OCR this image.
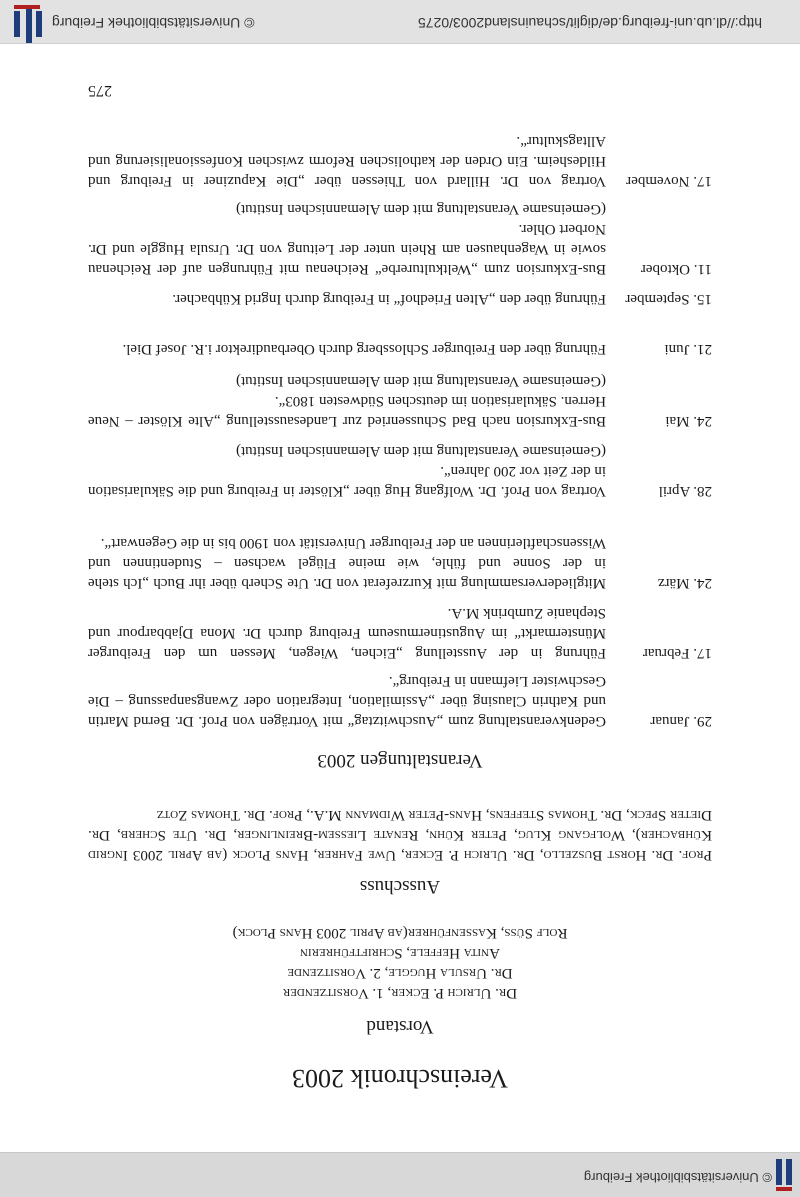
© Universitätsbibliothek Freiburg
http://dl.ub.uni-freiburg.de/diglit/schauinsland2003/0275
© Universitätsbibliothek Freiburg
Vereinschronik 2003
Vorstand
Dr. Ulrich P. Ecker, 1. Vorsitzender
Dr. Ursula Huggle, 2. Vorsitzende
Anita Heffele, Schriftführerin
Rolf Süss, Kassenführer(ab April 2003 Hans Plock)
Ausschuss
Prof. Dr. Horst Buszello, Dr. Ulrich P. Ecker, Uwe Fahrer, Hans Plock (ab April 2003 Ingrid Kühbacher), Wolfgang Klug, Peter Kühn, Renate Liessem-Breinlinger, Dr. Ute Scherb, Dr. Dieter Speck, Dr. Thomas Steffens, Hans-Peter Widmann M.A., Prof. Dr. Thomas Zotz
Veranstaltungen 2003
29. Januar
Gedenkveranstaltung zum „Auschwitztag“ mit Vorträgen von Prof. Dr. Bernd Martin und Kathrin Clausing über „Assimilation, Integration oder Zwangsanpassung – Die Geschwister Liefmann in Freiburg“.
17. Februar
Führung in der Ausstellung „Eichen, Wiegen, Messen um den Freiburger Münstermarkt“ im Augustinermuseum Freiburg durch Dr. Mona Djabbarpour und Stephanie Zumbrink M.A.
24. März
Mitgliederversammlung mit Kurzreferat von Dr. Ute Scherb über ihr Buch „Ich stehe in der Sonne und fühle, wie meine Flügel wachsen – Studentinnen und Wissenschaftlerinnen an der Freiburger Universität von 1900 bis in die Gegenwart“.
28. April
Vortrag von Prof. Dr. Wolfgang Hug über „Klöster in Freiburg und die Säkularisation in der Zeit vor 200 Jahren“.
(Gemeinsame Veranstaltung mit dem Alemannischen Institut)
24. Mai
Bus-Exkursion nach Bad Schussenried zur Landesausstellung „Alte Klöster – Neue Herren. Säkularisation im deutschen Südwesten 1803“.
(Gemeinsame Veranstaltung mit dem Alemannischen Institut)
21. Juni
Führung über den Freiburger Schlossberg durch Oberbaudirektor i.R. Josef Diel.
15. September
Führung über den „Alten Friedhof“ in Freiburg durch Ingrid Kühbacher.
11. Oktober
Bus-Exkursion zum „Weltkulturerbe“ Reichenau mit Führungen auf der Reichenau sowie in Wagenhausen am Rhein unter der Leitung von Dr. Ursula Huggle und Dr. Norbert Ohler.
(Gemeinsame Veranstaltung mit dem Alemannischen Institut)
17. November
Vortrag von Dr. Hillard von Thiessen über „Die Kapuziner in Freiburg und Hildesheim. Ein Orden der katholischen Reform zwischen Konfessionalisierung und Alltagskultur“.
275
